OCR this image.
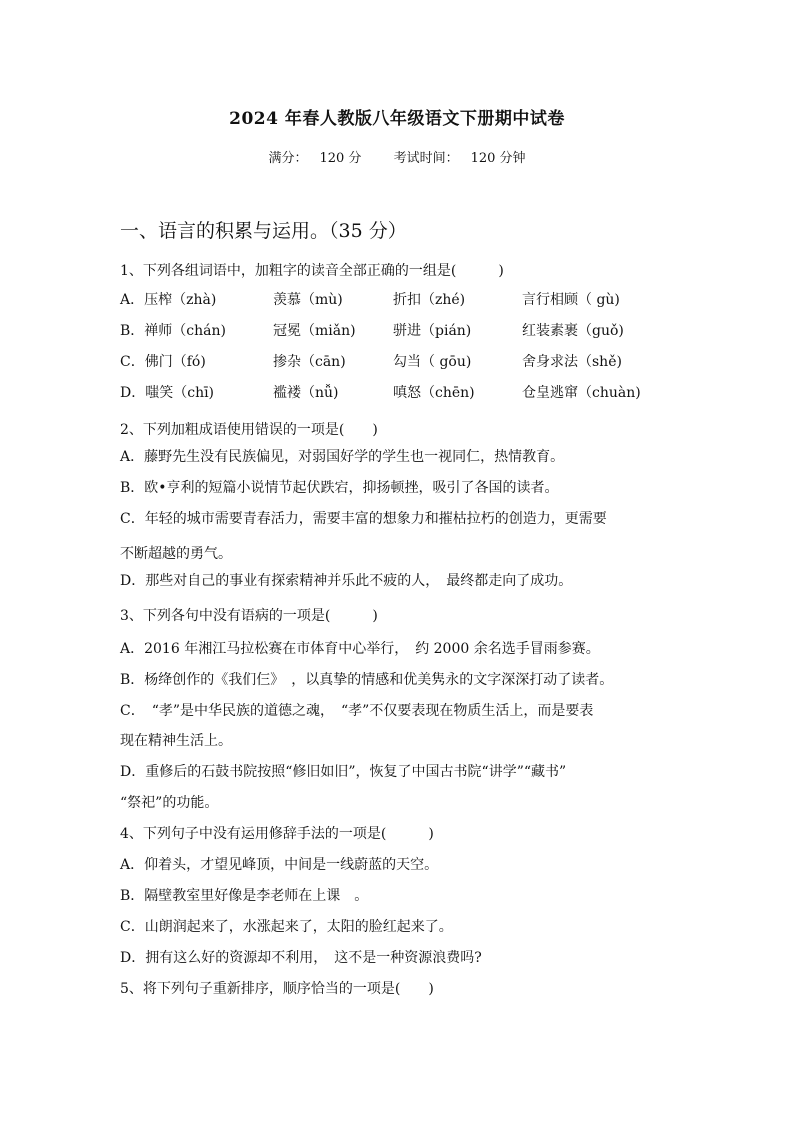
2024 年春人教版八年级语文下册期中试卷
满分： 120 分 考试时间： 120 分钟
一、语言的积累与运用。（35 分）
1、下列各组词语中，加粗字的读音全部正确的一组是(　　　)
A．压榨（zhà)	羡慕（mù)	折扣（zhé)	言行相顾（ gù)
B．禅师（chán)	冠冕（miǎn)	骈进（pián)	红装素裹（guǒ)
C．佛门（fó)	掺杂（cān)	勾当（ gōu)	舍身求法（shě)
D．嗤笑（chī)	褴褛（nǚ)	嗔怒（chēn)	仓皇逃窜（chuàn)
2、下列加粗成语使用错误的一项是(　　)
A．藤野先生没有民族偏见，对弱国好学的学生也一视同仁，热情教育。
B．欧•亨利的短篇小说情节起伏跌宕，抑扬顿挫，吸引了各国的读者。
C．年轻的城市需要青春活力，需要丰富的想象力和摧枯拉朽的创造力，更需要
不断超越的勇气。
D．那些对自己的事业有探索精神并乐此不疲的人，　最终都走向了成功。
3、下列各句中没有语病的一项是(　　　)
A．2016 年湘江马拉松赛在市体育中心举行，　约 2000 余名选手冒雨参赛。
B．杨绛创作的《我们仨》　，以真挚的情感和优美隽永的文字深深打动了读者。
C．　“孝”是中华民族的道德之魂，　“孝”不仅要表现在物质生活上，而是要表
现在精神生活上。
D．重修后的石鼓书院按照“修旧如旧”，恢复了中国古书院“讲学”“藏书”
“祭祀”的功能。
4、下列句子中没有运用修辞手法的一项是(　　　)
A．仰着头，才望见峰顶，中间是一线蔚蓝的天空。
B．隔壁教室里好像是李老师在上课　。
C．山朗润起来了，水涨起来了，太阳的脸红起来了。
D．拥有这么好的资源却不利用，　这不是一种资源浪费吗?
5、将下列句子重新排序，顺序恰当的一项是(　　)
